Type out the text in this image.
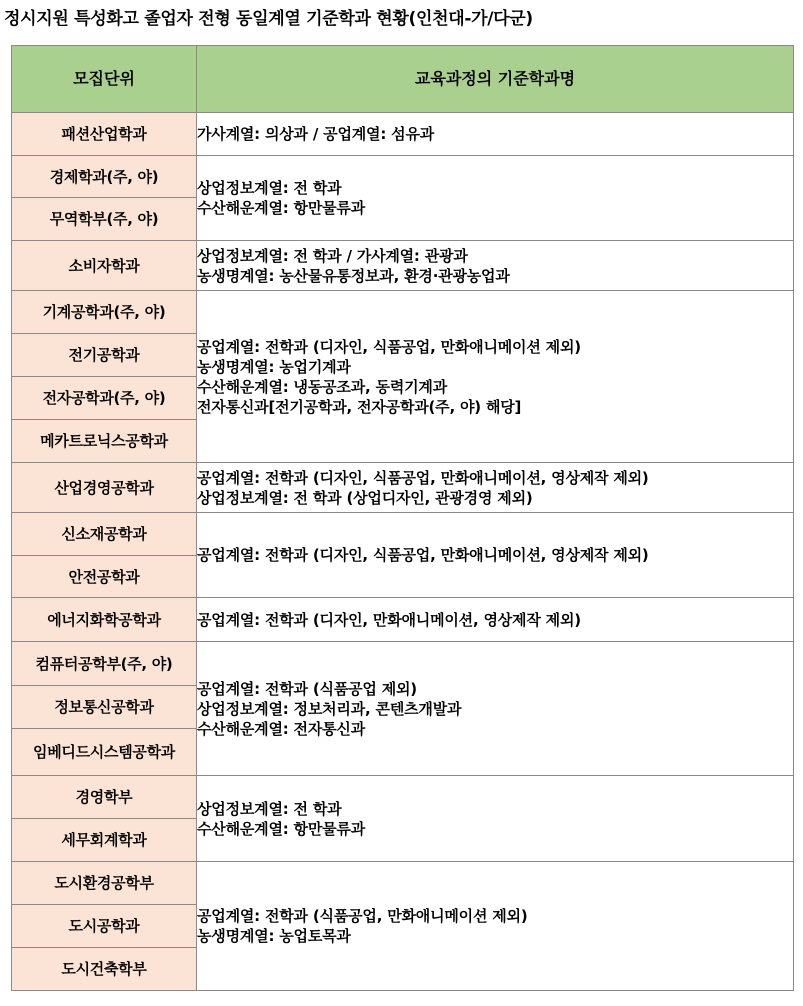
정시지원 특성화고 졸업자 전형 동일계열 기준학과 현황(인천대-가/다군)
모집단위	교육과정의 기준학과명
패션산업학과	가사계열: 의상과 / 공업계열: 섬유과

경제학과(주, 야)	상업정보계열: 전 학과
수산해운계열: 항만물류과

무역학부(주, 야)	
소비자학과	상업정보계열: 전 학과 / 가사계열: 관광과
농생명계열: 농산물유통정보과, 환경·관광농업과

기계공학과(주, 야)	공업계열: 전학과 (디자인, 식품공업, 만화애니메이션 제외)
농생명계열: 농업기계과
수산해운계열: 냉동공조과, 동력기계과
전자통신과[전기공학과, 전자공학과(주, 야) 해당]

전기공학과	
전자공학과(주, 야)	
메카트로닉스공학과	
산업경영공학과	공업계열: 전학과 (디자인, 식품공업, 만화애니메이션, 영상제작 제외)
상업정보계열: 전 학과 (상업디자인, 관광경영 제외)

신소재공학과	공업계열: 전학과 (디자인, 식품공업, 만화애니메이션, 영상제작 제외)

안전공학과	
에너지화학공학과	공업계열: 전학과 (디자인, 만화애니메이션, 영상제작 제외)

컴퓨터공학부(주, 야)	공업계열: 전학과 (식품공업 제외)
상업정보계열: 정보처리과, 콘텐츠개발과
수산해운계열: 전자통신과

정보통신공학과	
임베디드시스템공학과	
경영학부	상업정보계열: 전 학과
수산해운계열: 항만물류과

세무회계학과	
도시환경공학부	공업계열: 전학과 (식품공업, 만화애니메이션 제외)
농생명계열: 농업토목과

도시공학과	
도시건축학부	
